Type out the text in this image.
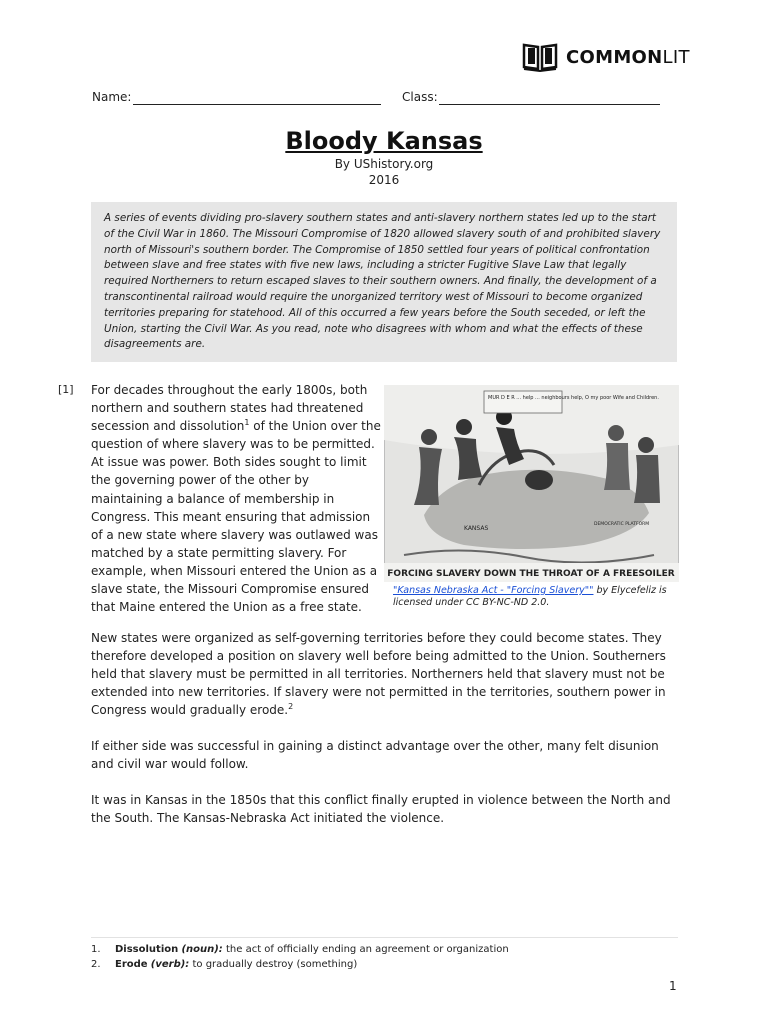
COMMONLIT
Name:	Class:
Bloody Kansas
By UShistory.org
2016

A series of events dividing pro-slavery southern states and anti-slavery northern states led up to the start of the Civil War in 1860. The Missouri Compromise of 1820 allowed slavery south of and prohibited slavery north of Missouri's southern border. The Compromise of 1850 settled four years of political confrontation between slave and free states with five new laws, including a stricter Fugitive Slave Law that legally required Northerners to return escaped slaves to their southern owners. And finally, the development of a transcontinental railroad would require the unorganized territory west of Missouri to become organized territories preparing for statehood. All of this occurred a few years before the South seceded, or left the Union, starting the Civil War. As you read, note who disagrees with whom and what the effects of these disagreements are.

[1] For decades throughout the early 1800s, both northern and southern states had threatened secession and dissolution$^1$ of the Union over the question of where slavery was to be permitted. At issue was power. Both sides sought to limit the governing power of the other by maintaining a balance of membership in Congress. This meant ensuring that admission of a new state where slavery was outlawed was matched by a state permitting slavery. For example, when Missouri entered the Union as a slave state, the Missouri Compromise ensured that Maine entered the Union as a free state.

MUR D E R ... help ... neighbours help, O my poor Wife and Children.
KANSAS
DEMOCRATIC PLATFORM
FORCING SLAVERY DOWN THE THROAT OF A FREESOILER
"Kansas Nebraska Act - "Forcing Slavery"" by Elycefeliz is licensed under CC BY-NC-ND 2.0.

New states were organized as self-governing territories before they could become states. They therefore developed a position on slavery well before being admitted to the Union. Southerners held that slavery must be permitted in all territories. Northerners held that slavery must not be extended into new territories. If slavery were not permitted in the territories, southern power in Congress would gradually erode.$^2$

If either side was successful in gaining a distinct advantage over the other, many felt disunion and civil war would follow.

It was in Kansas in the 1850s that this conflict finally erupted in violence between the North and the South. The Kansas-Nebraska Act initiated the violence.

1.	Dissolution (noun): the act of officially ending an agreement or organization
2.	Erode (verb): to gradually destroy (something)
1
